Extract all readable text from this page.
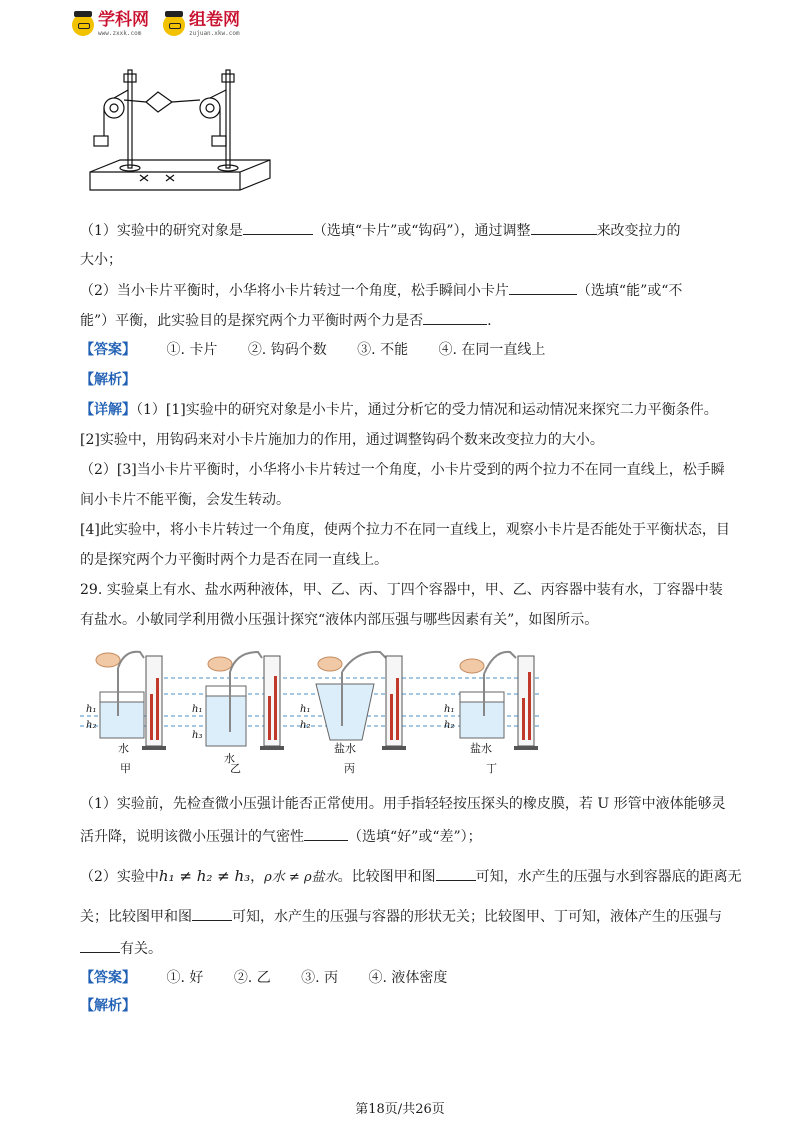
学科网
www.zxxk.com
组卷网
zujuan.xkw.com
（1）实验中的研究对象是	（选填“卡片”或“钩码”），通过调整	来改变拉力的
大小；
（2）当小卡片平衡时，小华将小卡片转过一个角度，松手瞬间小卡片	（选填“能”或“不
能”）平衡，此实验目的是探究两个力平衡时两个力是否	.
【答案】 ①. 卡片 ②. 钩码个数 ③. 不能 ④. 在同一直线上
【解析】
【详解】（1）[1]实验中的研究对象是小卡片，通过分析它的受力情况和运动情况来探究二力平衡条件。
[2]实验中，用钩码来对小卡片施加力的作用，通过调整钩码个数来改变拉力的大小。
（2）[3]当小卡片平衡时，小华将小卡片转过一个角度，小卡片受到的两个拉力不在同一直线上，松手瞬
间小卡片不能平衡，会发生转动。
[4]此实验中，将小卡片转过一个角度，使两个拉力不在同一直线上，观察小卡片是否能处于平衡状态，目
的是探究两个力平衡时两个力是否在同一直线上。
29. 实验桌上有水、盐水两种液体，甲、乙、丙、丁四个容器中，甲、乙、丙容器中装有水，丁容器中装
有盐水。小敏同学利用微小压强计探究“液体内部压强与哪些因素有关”，如图所示。
h₁
h₂
h₁
h₃
h₁
h₂
h₁
h₂
水
水
盐水	盐水
甲	乙	丙	丁
（1）实验前，先检查微小压强计能否正常使用。用手指轻轻按压探头的橡皮膜，若 U 形管中液体能够灵
活升降，说明该微小压强计的气密性	（选填“好”或“差”）；
（2）实验中h₁ ≠ h₂ ≠ h₃，ρ水 ≠ ρ盐水。比较图甲和图	可知，水产生的压强与水到容器底的距离无
关；比较图甲和图	可知，水产生的压强与容器的形状无关；比较图甲、丁可知，液体产生的压强与
有关。
【答案】 ①. 好 ②. 乙 ③. 丙 ④. 液体密度
【解析】
第18页/共26页
